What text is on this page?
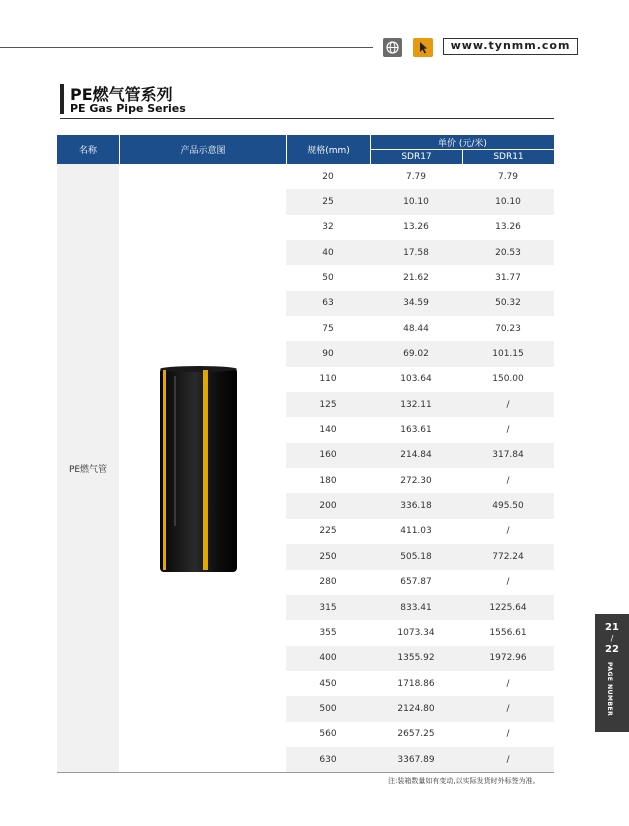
www.tynmm.com
PE燃气管系列
PE Gas Pipe Series
名称	产品示意图	规格(mm)
单价 (元/米)
SDR17	SDR11
PE燃气管
20	7.79	7.79
25	10.10	10.10
32	13.26	13.26
40	17.58	20.53
50	21.62	31.77
63	34.59	50.32
75	48.44	70.23
90	69.02	101.15
110	103.64	150.00
125	132.11	/
140	163.61	/
160	214.84	317.84
180	272.30	/
200	336.18	495.50
225	411.03	/
250	505.18	772.24
280	657.87	/
315	833.41	1225.64
355	1073.34	1556.61
400	1355.92	1972.96
450	1718.86	/
500	2124.80	/
560	2657.25	/
630	3367.89	/
注:装箱数量如有变动,以实际发货时外标签为准。
21
/
22
PAGE NUMBER
